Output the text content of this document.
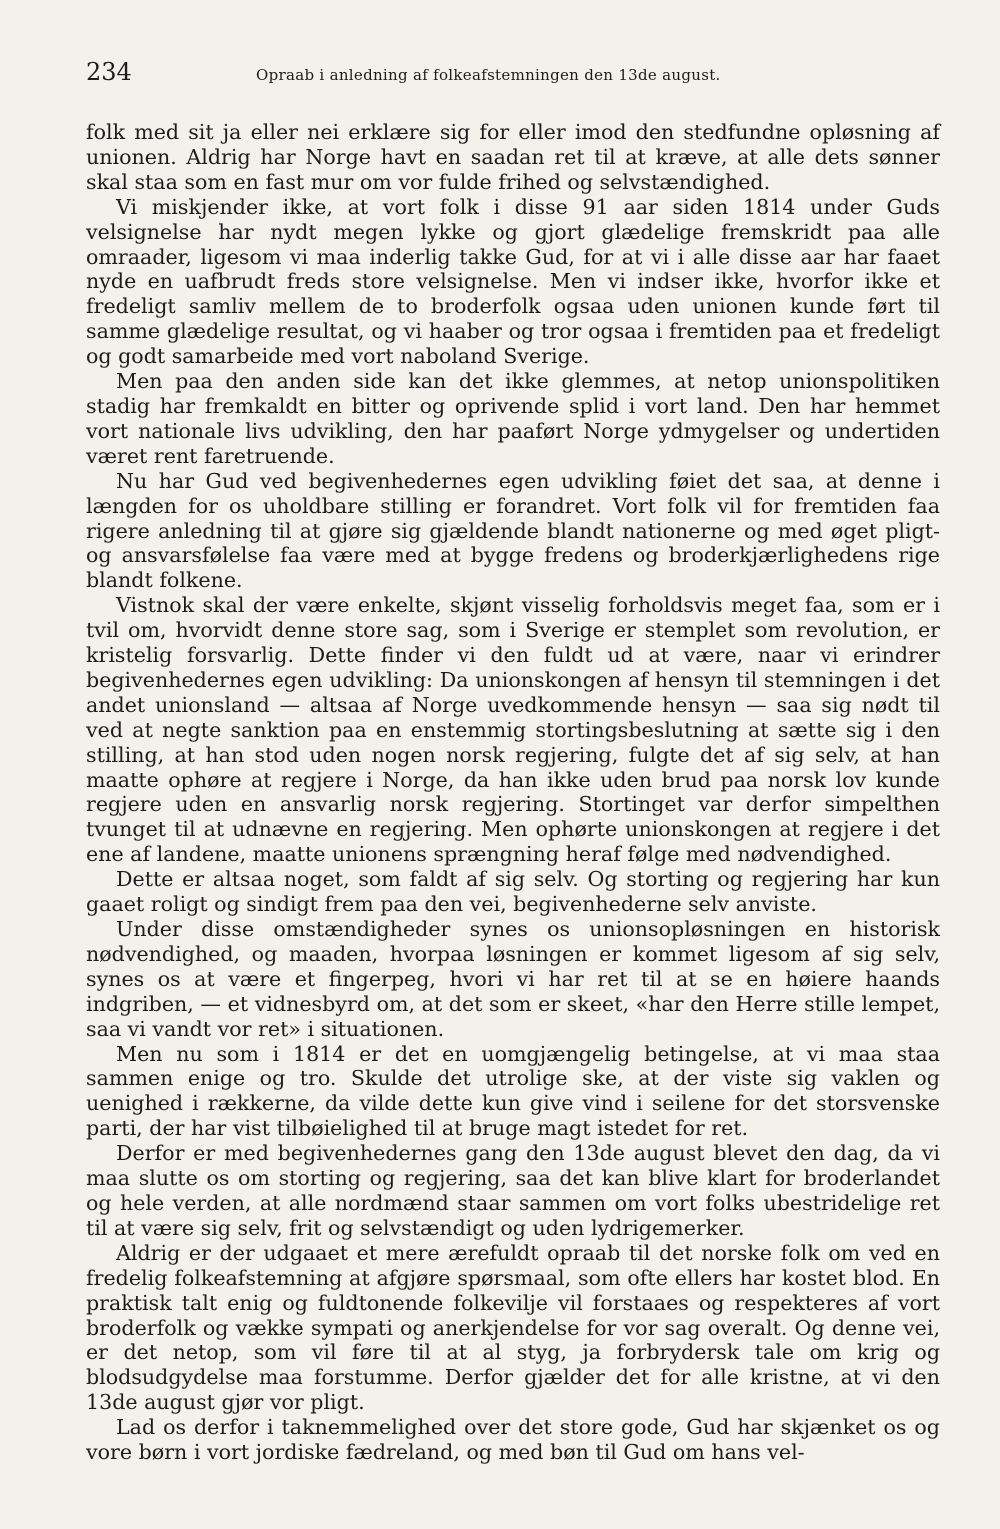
234	Opraab i anledning af folkeafstemningen den 13de august.

folk med sit ja eller nei erklære sig for eller imod den stedfundne opløsning af unionen. Aldrig har Norge havt en saadan ret til at kræve, at alle dets sønner skal staa som en fast mur om vor fulde frihed og selvstændighed.

Vi miskjender ikke, at vort folk i disse 91 aar siden 1814 under Guds velsignelse har nydt megen lykke og gjort glædelige fremskridt paa alle omraader, ligesom vi maa inderlig takke Gud, for at vi i alle disse aar har faaet nyde en uafbrudt freds store velsignelse. Men vi indser ikke, hvorfor ikke et fredeligt samliv mellem de to broderfolk ogsaa uden unionen kunde ført til samme glædelige resultat, og vi haaber og tror ogsaa i fremtiden paa et fredeligt og godt samarbeide med vort naboland Sverige.

Men paa den anden side kan det ikke glemmes, at netop unionspolitiken stadig har fremkaldt en bitter og oprivende splid i vort land. Den har hemmet vort nationale livs udvikling, den har paaført Norge ydmygelser og undertiden været rent faretruende.

Nu har Gud ved begivenhedernes egen udvikling føiet det saa, at denne i længden for os uholdbare stilling er forandret. Vort folk vil for fremtiden faa rigere anledning til at gjøre sig gjældende blandt nationerne og med øget pligt- og ansvarsfølelse faa være med at bygge fredens og broderkjærlighedens rige blandt folkene.

Vistnok skal der være enkelte, skjønt visselig forholdsvis meget faa, som er i tvil om, hvorvidt denne store sag, som i Sverige er stemplet som revolution, er kristelig forsvarlig. Dette finder vi den fuldt ud at være, naar vi erindrer begivenhedernes egen udvikling: Da unionskongen af hensyn til stemningen i det andet unionsland — altsaa af Norge uvedkommende hensyn — saa sig nødt til ved at negte sanktion paa en enstemmig stortingsbeslutning at sætte sig i den stilling, at han stod uden nogen norsk regjering, fulgte det af sig selv, at han maatte ophøre at regjere i Norge, da han ikke uden brud paa norsk lov kunde regjere uden en ansvarlig norsk regjering. Stortinget var derfor simpelthen tvunget til at udnævne en regjering. Men ophørte unionskongen at regjere i det ene af landene, maatte unionens sprængning heraf følge med nødvendighed.

Dette er altsaa noget, som faldt af sig selv. Og storting og regjering har kun gaaet roligt og sindigt frem paa den vei, begivenhederne selv anviste.

Under disse omstændigheder synes os unionsopløsningen en historisk nødvendighed, og maaden, hvorpaa løsningen er kommet ligesom af sig selv, synes os at være et fingerpeg, hvori vi har ret til at se en høiere haands indgriben, — et vidnesbyrd om, at det som er skeet, «har den Herre stille lempet, saa vi vandt vor ret» i situationen.

Men nu som i 1814 er det en uomgjængelig betingelse, at vi maa staa sammen enige og tro. Skulde det utrolige ske, at der viste sig vaklen og uenighed i rækkerne, da vilde dette kun give vind i seilene for det storsvenske parti, der har vist tilbøielighed til at bruge magt istedet for ret.

Derfor er med begivenhedernes gang den 13de august blevet den dag, da vi maa slutte os om storting og regjering, saa det kan blive klart for broderlandet og hele verden, at alle nordmænd staar sammen om vort folks ubestridelige ret til at være sig selv, frit og selvstændigt og uden lydrigemerker.

Aldrig er der udgaaet et mere ærefuldt opraab til det norske folk om ved en fredelig folkeafstemning at afgjøre spørsmaal, som ofte ellers har kostet blod. En praktisk talt enig og fuldtonende folkevilje vil forstaaes og respekteres af vort broderfolk og vække sympati og anerkjendelse for vor sag overalt. Og denne vei, er det netop, som vil føre til at al styg, ja forbrydersk tale om krig og blodsudgydelse maa forstumme. Derfor gjælder det for alle kristne, at vi den 13de august gjør vor pligt.

Lad os derfor i taknemmelighed over det store gode, Gud har skjænket os og vore børn i vort jordiske fædreland, og med bøn til Gud om hans vel-
